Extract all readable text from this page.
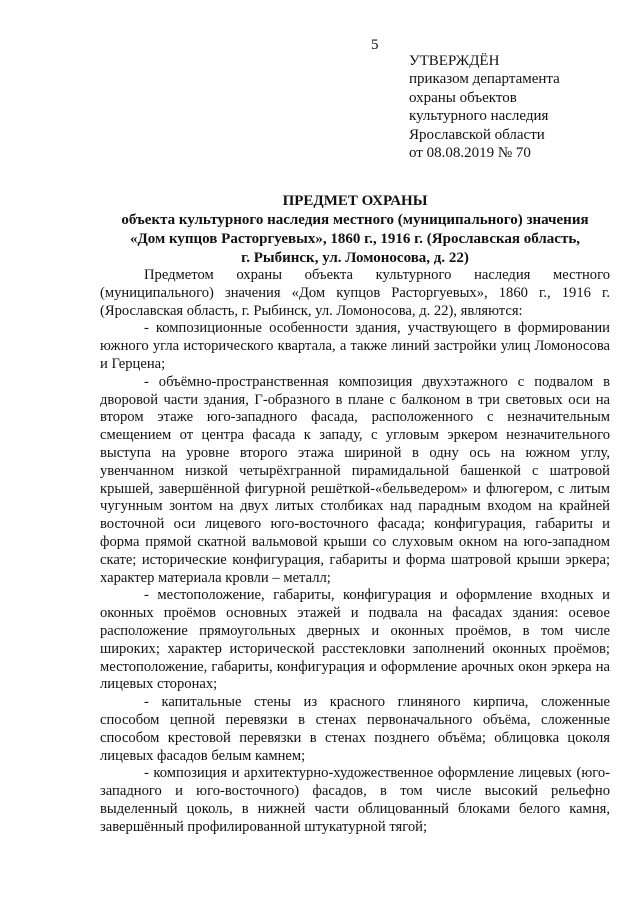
5
УТВЕРЖДЁН
приказом департамента
охраны объектов
культурного наследия
Ярославской области
от 08.08.2019 № 70
ПРЕДМЕТ ОХРАНЫ
объекта культурного наследия местного (муниципального) значения
«Дом купцов Расторгуевых», 1860 г., 1916 г. (Ярославская область,
г. Рыбинск, ул. Ломоносова, д. 22)

Предметом охраны объекта культурного наследия местного (муниципального) значения «Дом купцов Расторгуевых», 1860 г., 1916 г. (Ярославская область, г. Рыбинск, ул. Ломоносова, д. 22), являются:

- композиционные особенности здания, участвующего в формировании южного угла исторического квартала, а также линий застройки улиц Ломоносова и Герцена;

- объёмно-пространственная композиция двухэтажного с подвалом в дворовой части здания, Г-образного в плане с балконом в три световых оси на втором этаже юго-западного фасада, расположенного с незначительным смещением от центра фасада к западу, с угловым эркером незначительного выступа на уровне второго этажа шириной в одну ось на южном углу, увенчанном низкой четырёхгранной пирамидальной башенкой с шатровой крышей, завершённой фигурной решёткой-«бельведером» и флюгером, с литым чугунным зонтом на двух литых столбиках над парадным входом на крайней восточной оси лицевого юго-восточного фасада; конфигурация, габариты и форма прямой скатной вальмовой крыши со слуховым окном на юго-западном скате; исторические конфигурация, габариты и форма шатровой крыши эркера; характер материала кровли – металл;

- местоположение, габариты, конфигурация и оформление входных и оконных проёмов основных этажей и подвала на фасадах здания: осевое расположение прямоугольных дверных и оконных проёмов, в том числе широких; характер исторической расстекловки заполнений оконных проёмов; местоположение, габариты, конфигурация и оформление арочных окон эркера на лицевых сторонах;

- капитальные стены из красного глиняного кирпича, сложенные способом цепной перевязки в стенах первоначального объёма, сложенные способом крестовой перевязки в стенах позднего объёма; облицовка цоколя лицевых фасадов белым камнем;

- композиция и архитектурно-художественное оформление лицевых (юго-западного и юго-восточного) фасадов, в том числе высокий рельефно выделенный цоколь, в нижней части облицованный блоками белого камня, завершённый профилированной штукатурной тягой;
